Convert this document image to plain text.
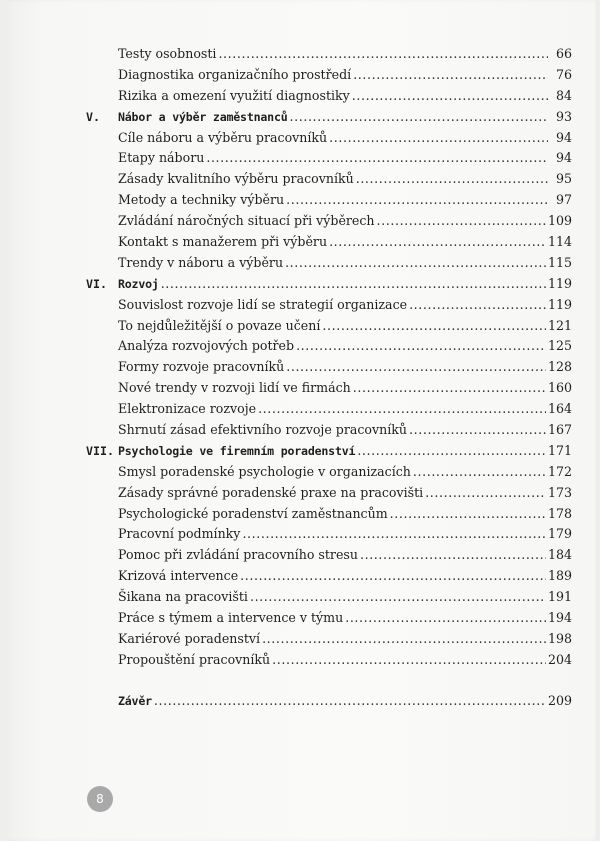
Testy osobnosti . . .	66
Diagnostika organizačního prostředí . . .	76
Rizika a omezení využití diagnostiky . . .	84
V.	Nábor a výběr zaměstnanců . . .	93
Cíle náboru a výběru pracovníků . . .	94
Etapy náboru . . .	94
Zásady kvalitního výběru pracovníků . . .	95
Metody a techniky výběru . . .	97
Zvládání náročných situací při výběrech . . .	109
Kontakt s manažerem při výběru . . .	114
Trendy v náboru a výběru . . .	115
VI. Rozvoj . . .	119
Souvislost rozvoje lidí se strategií organizace . . .	119
To nejdůležitější o povaze učení . . .	121
Analýza rozvojových potřeb . . .	125
Formy rozvoje pracovníků . . .	128
Nové trendy v rozvoji lidí ve firmách . . .	160
Elektronizace rozvoje . . .	164
Shrnutí zásad efektivního rozvoje pracovníků . . .	167
VII. Psychologie ve firemním poradenství . . .	171
Smysl poradenské psychologie v organizacích . . .	172
Zásady správné poradenské praxe na pracovišti . . .	173
Psychologické poradenství zaměstnancům . . .	178
Pracovní podmínky . . .	179
Pomoc při zvládání pracovního stresu . . .	184
Krizová intervence . . .	189
Šikana na pracovišti . . .	191
Práce s týmem a intervence v týmu . . .	194
Kariérové poradenství . . .	198
Propouštění pracovníků . . .	204
Závěr . . .	209
8
